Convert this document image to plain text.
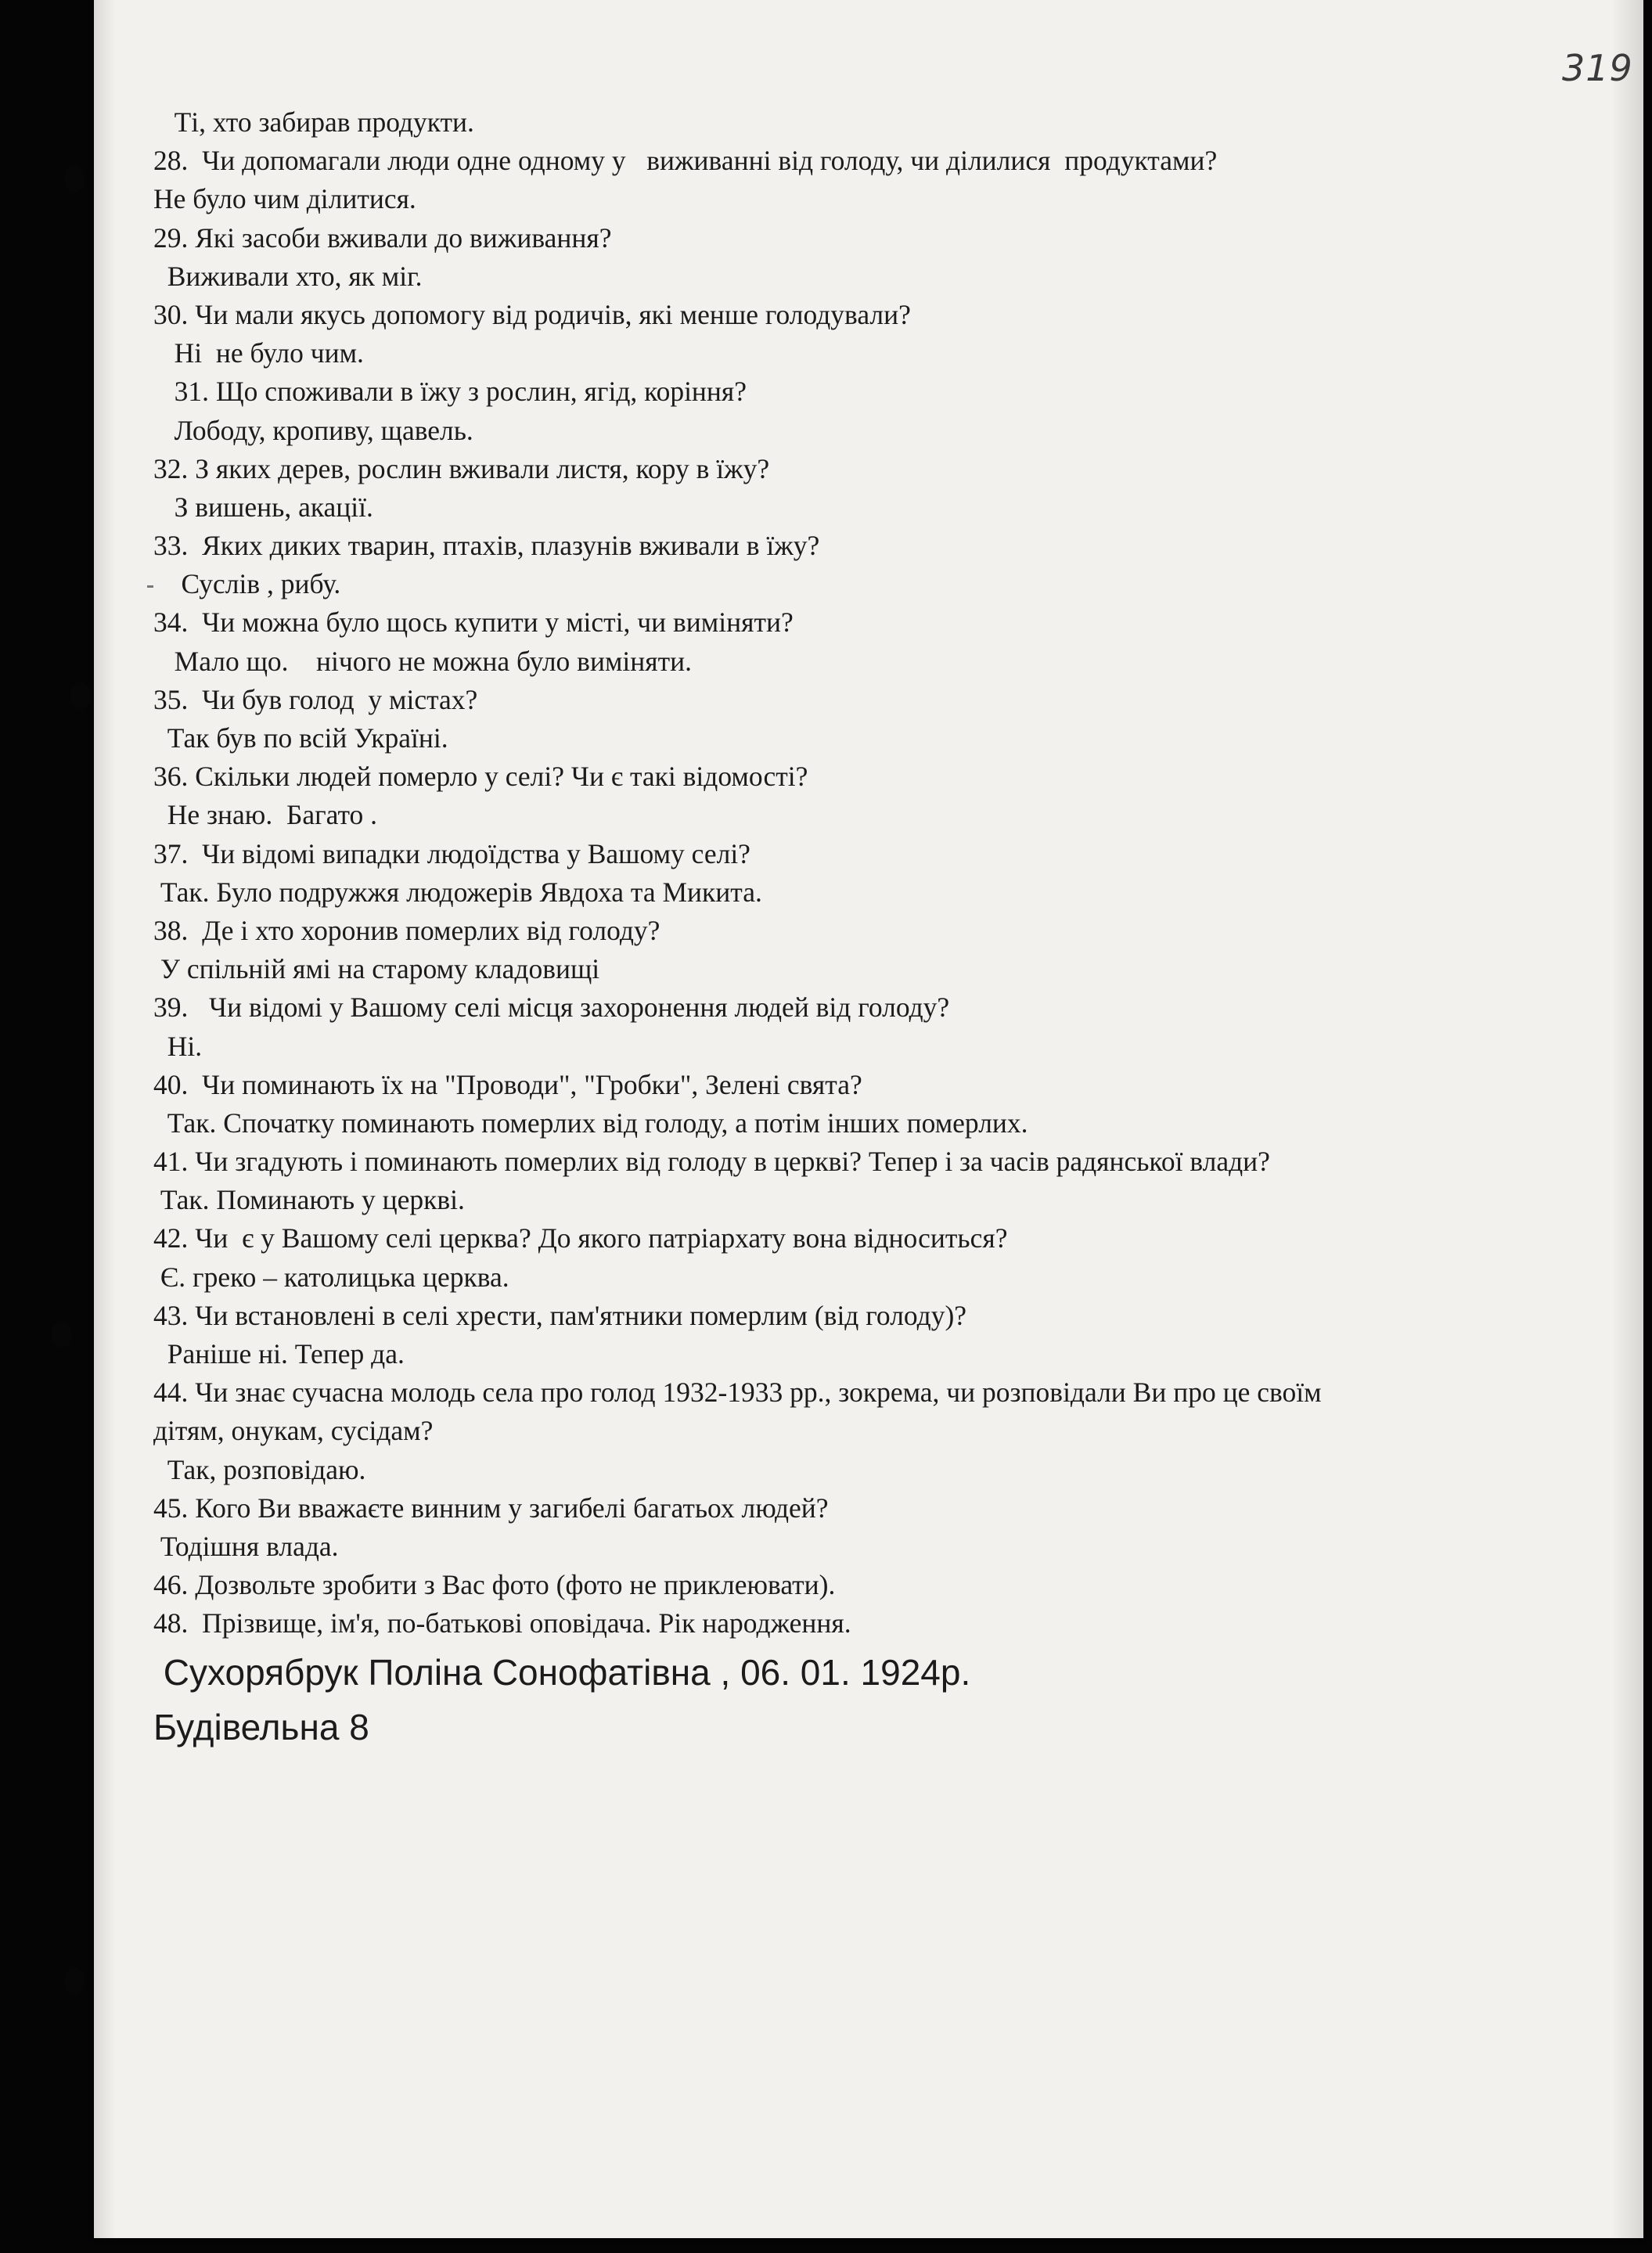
319
Ті, хто забирав продукти.
28.  Чи допомагали люди одне одному у   виживанні від голоду, чи ділилися  продуктами?
Не було чим ділитися.
29. Які засоби вживали до виживання?
Виживали хто, як міг.
30. Чи мали якусь допомогу від родичів, які менше голодували?
Ні  не було чим.
31. Що споживали в їжу з рослин, ягід, коріння?
Лободу, кропиву, щавель.
32. З яких дерев, рослин вживали листя, кору в їжу?
З вишень, акації.
33.  Яких диких тварин, птахів, плазунів вживали в їжу?
Суслів , рибу.
34.  Чи можна було щось купити у місті, чи виміняти?
Мало що.    нічого не можна було виміняти.
35.  Чи був голод  у містах?
Так був по всій Україні.
36. Скільки людей померло у селі? Чи є такі відомості?
Не знаю.  Багато .
37.  Чи відомі випадки людоїдства у Вашому селі?
Так. Було подружжя людожерів Явдоха та Микита.
38.  Де і хто хоронив померлих від голоду?
У спільній ямі на старому кладовищі
39.   Чи відомі у Вашому селі місця захоронення людей від голоду?
Ні.
40.  Чи поминають їх на "Проводи", "Гробки", Зелені свята?
Так. Спочатку поминають померлих від голоду, а потім інших померлих.
41. Чи згадують і поминають померлих від голоду в церкві? Тепер і за часів радянської влади?
Так. Поминають у церкві.
42. Чи  є у Вашому селі церква? До якого патріархату вона відноситься?
Є. греко – католицька церква.
43. Чи встановлені в селі хрести, пам'ятники померлим (від голоду)?
Раніше ні. Тепер да.
44. Чи знає сучасна молодь села про голод 1932-1933 рр., зокрема, чи розповідали Ви про це своїм
дітям, онукам, сусідам?
Так, розповідаю.
45. Кого Ви вважаєте винним у загибелі багатьох людей?
Тодішня влада.
46. Дозвольте зробити з Вас фото (фото не приклеювати).
48.  Прізвище, ім'я, по-батькові оповідача. Рік народження.
Сухорябрук Поліна Сонофатівна , 06. 01. 1924р.
Будівельна 8
